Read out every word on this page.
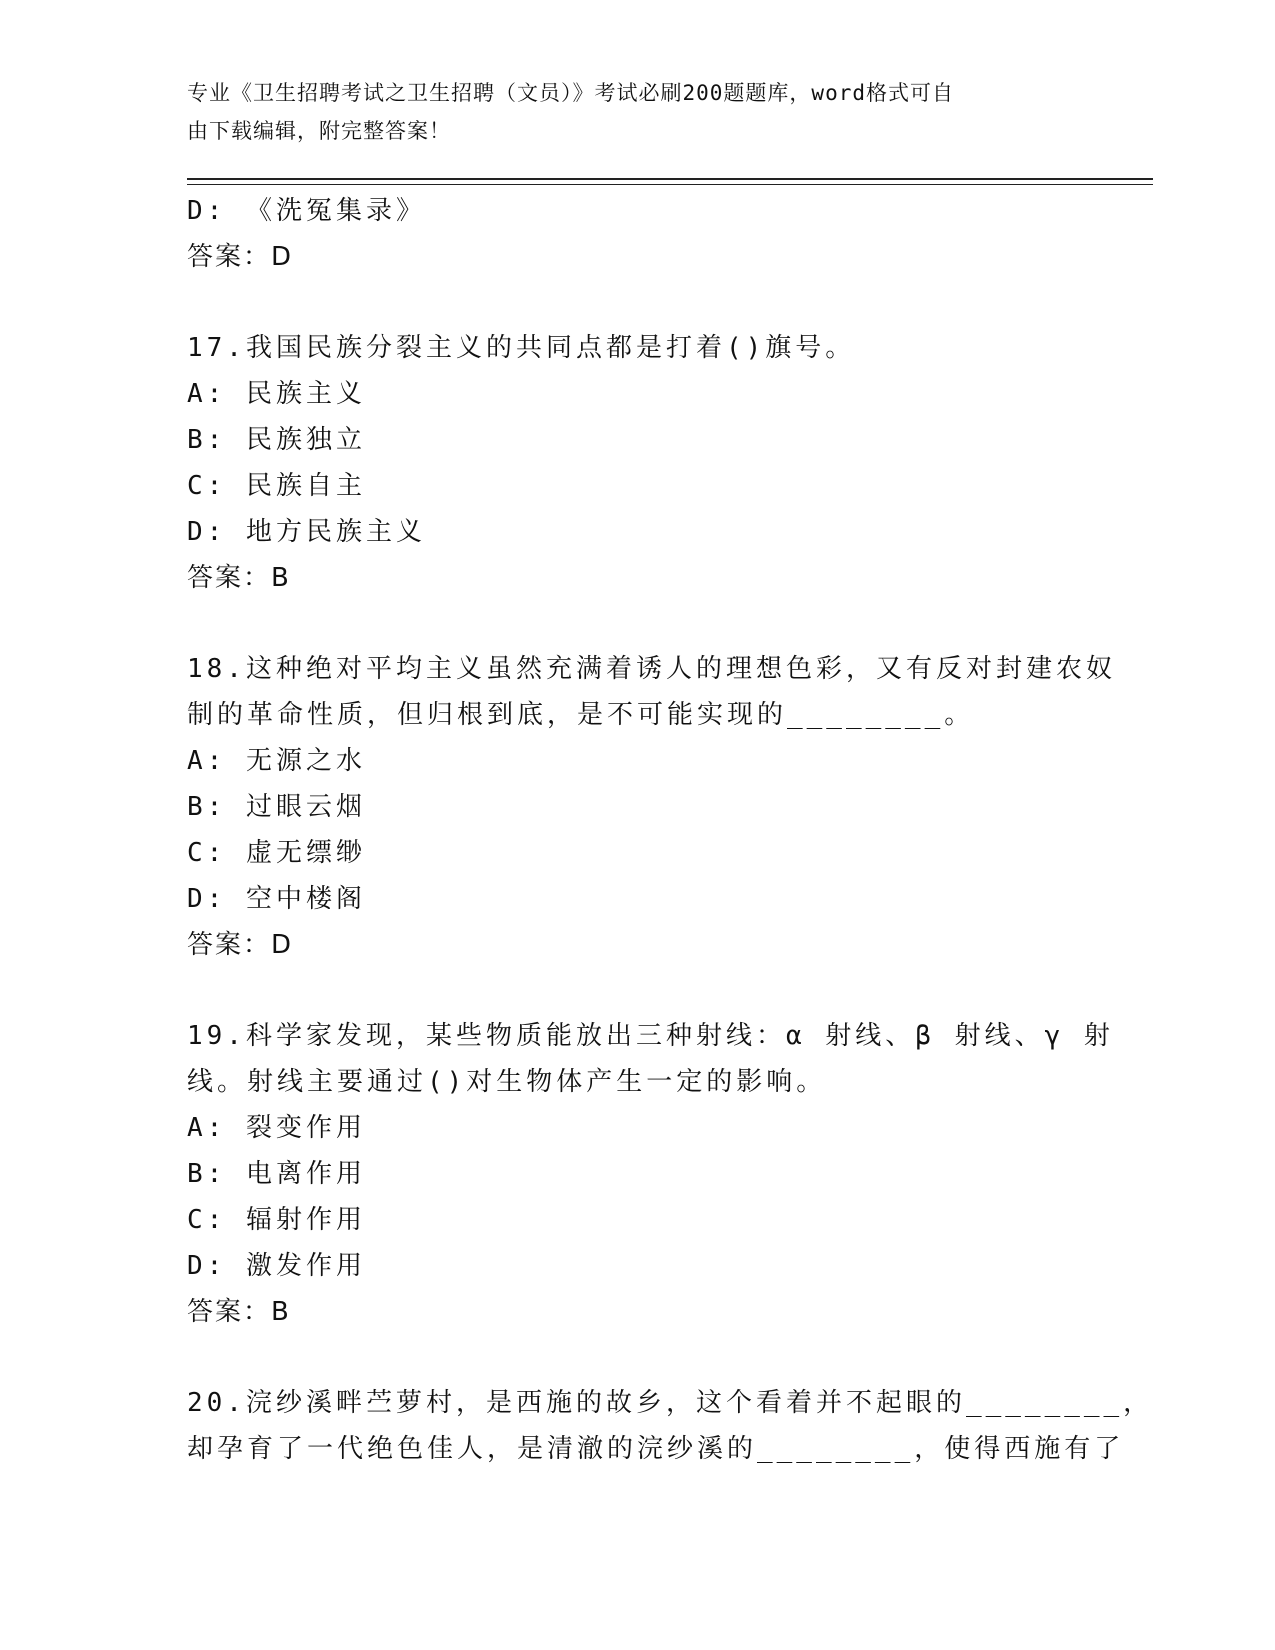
专业《卫生招聘考试之卫生招聘（文员）》考试必刷200题题库，word格式可自
由下载编辑，附完整答案！
D: 《洗冤集录》
答案：D
17.我国民族分裂主义的共同点都是打着()旗号。
A: 民族主义
B: 民族独立
C: 民族自主
D: 地方民族主义
答案：B
18.这种绝对平均主义虽然充满着诱人的理想色彩，又有反对封建农奴
制的革命性质，但归根到底，是不可能实现的________。
A: 无源之水
B: 过眼云烟
C: 虚无缥缈
D: 空中楼阁
答案：D
19.科学家发现，某些物质能放出三种射线：α 射线、β 射线、γ 射
线。射线主要通过()对生物体产生一定的影响。
A: 裂变作用
B: 电离作用
C: 辐射作用
D: 激发作用
答案：B
20.浣纱溪畔苎萝村，是西施的故乡，这个看着并不起眼的________，
却孕育了一代绝色佳人，是清澈的浣纱溪的________，使得西施有了
